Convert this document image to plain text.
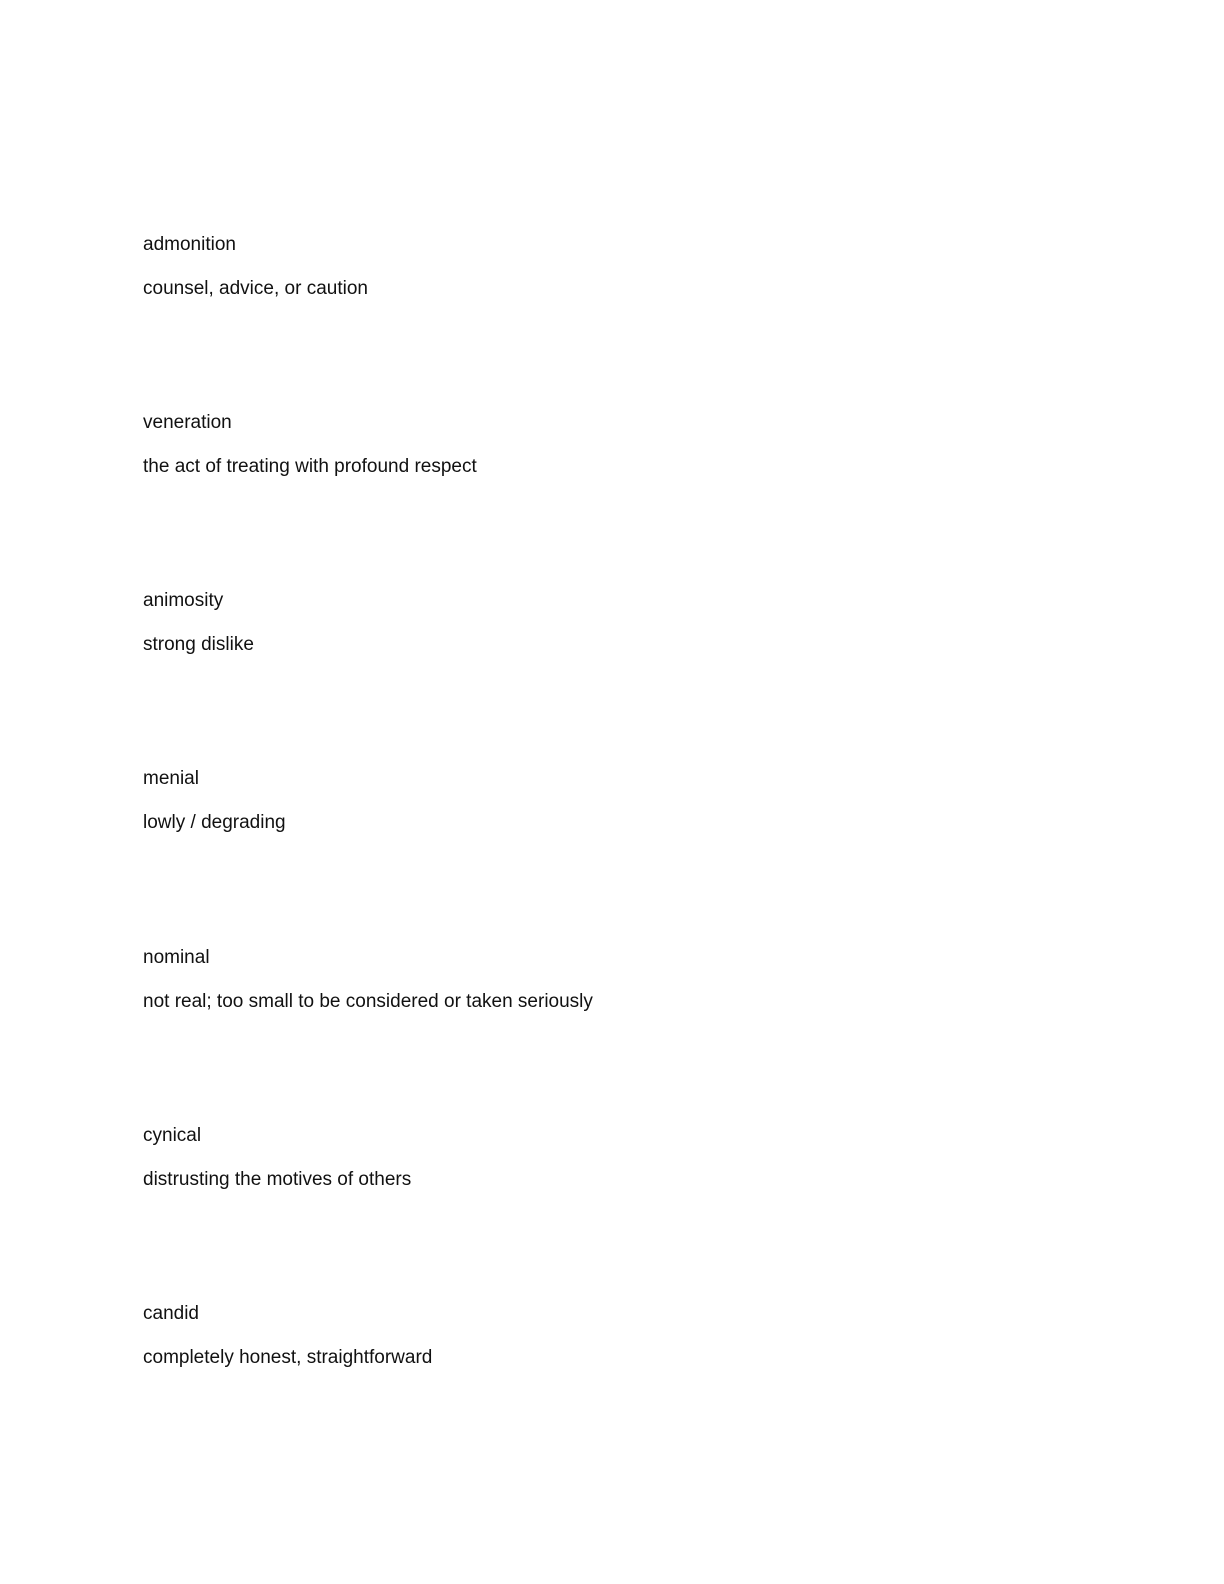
admonition
counsel, advice, or caution
veneration
the act of treating with profound respect
animosity
strong dislike
menial
lowly / degrading
nominal
not real; too small to be considered or taken seriously
cynical
distrusting the motives of others
candid
completely honest, straightforward
